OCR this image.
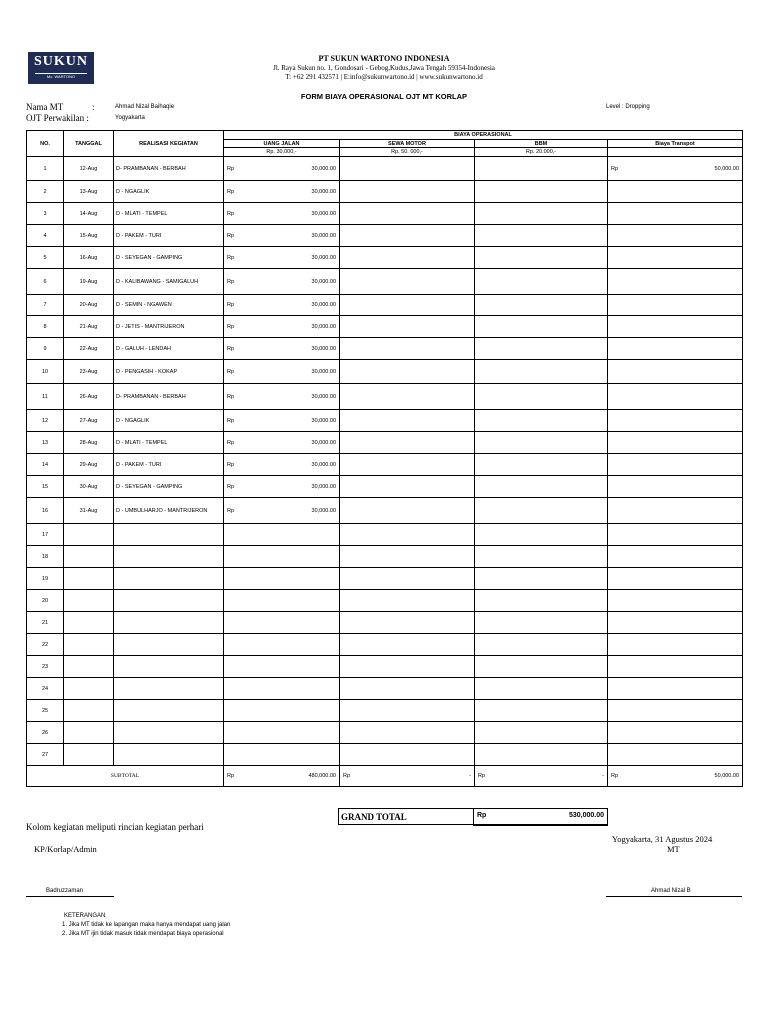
SUKUN
Mc. WARTONO
PT SUKUN WARTONO INDONESIA
Jl. Raya Sukun no. 1, Gondosari - Gebog,Kudus,Jawa Tengah 59354-Indonesia
T: +62 291 432571 | E:info@sukunwartono.id | www.sukunwartono.id
FORM BIAYA OPERASIONAL OJT MT KORLAP
Nama MT	:	Ahmad Nizal Baihaqie
OJT Perwakilan :	Yogyakarta
Level : Dropping
NO.	TANGGAL	REALISASI KEGIATAN	BIAYA OPERASIONAL			
			UANG JALAN	SEWA MOTOR	BBM	Biaya Transpot
			Rp. 30.000,-	Rp. 50. 000,-	Rp. 20.000,-	
1	12-Aug	D- PRAMBANAN - BERBAH	Rp 30,000.00			Rp 50,000.00

2	13-Aug	D - NGAGLIK	Rp 30,000.00			

3	14-Aug	D - MLATI - TEMPEL	Rp 30,000.00			

4	15-Aug	D - PAKEM - TURI	Rp 30,000.00			

5	16-Aug	D - SEYEGAN - GAMPING	Rp 30,000.00			

6	19-Aug	D - KALIBAWANG - SAMIGALUH	Rp 30,000.00			

7	20-Aug	D - SEMIN - NGAWEN	Rp 30,000.00			

8	21-Aug	D - JETIS - MANTRIJERON	Rp 30,000.00			

9	22-Aug	D - GALUH - LENDAH	Rp 30,000.00			

10	23-Aug	D - PENGASIH - KOKAP	Rp 30,000.00			

11	26-Aug	D- PRAMBANAN - BERBAH	Rp 30,000.00			

12	27-Aug	D - NGAGLIK	Rp 30,000.00			

13	28-Aug	D - MLATI - TEMPEL	Rp 30,000.00			

14	29-Aug	D - PAKEM - TURI	Rp 30,000.00			

15	30-Aug	D - SEYEGAN - GAMPING	Rp 30,000.00			

16	31-Aug	D - UMBULHARJO - MANTRIJERON	Rp 30,000.00			

17			

18			

19			

20			

21			

22			

23			

24			

25			

26			

27			

SUBTOTAL			Rp 480,000.00	Rp -	Rp -	Rp 50,000.00
GRAND TOTAL	Rp	530,000.00

Kolom kegiatan meliputi rincian kegiatan perhari
Yogyakarta, 31 Agustus 2024
KP/Korlap/Admin	MT
Badruzzaman	Ahmad Nizal B
KETERANGAN
1. Jika MT tidak ke lapangan maka hanya mendapat uang jalan
2. Jika MT ijin tidak masuk tidak mendapat biaya operasional
